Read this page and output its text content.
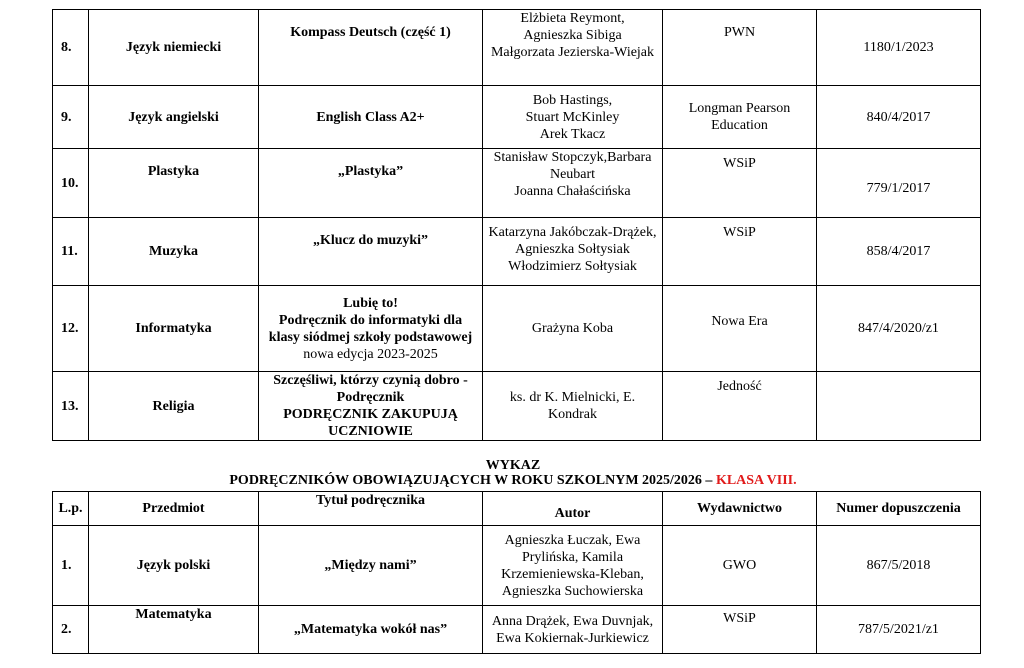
8.	Język niemiecki	Kompass Deutsch (część 1)	Elżbieta Reymont,
Agnieszka Sibiga
Małgorzata Jezierska-Wiejak	PWN	1180/1/2023
9.	Język angielski	English Class A2+	Bob Hastings,
Stuart McKinley
Arek Tkacz	Longman Pearson Education	840/4/2017
10.	Plastyka	„Plastyka”	Stanisław Stopczyk,Barbara Neubart
Joanna Chałaścińska	WSiP	779/1/2017
11.	Muzyka	„Klucz do muzyki”	Katarzyna Jakóbczak-Drążek, Agnieszka Sołtysiak
Włodzimierz Sołtysiak	WSiP	858/4/2017
12.	Informatyka	Lubię to!
Podręcznik do informatyki dla klasy siódmej szkoły podstawowej nowa edycja 2023-2025	Grażyna Koba	Nowa Era	847/4/2020/z1
13.	Religia	Szczęśliwi, którzy czynią dobro - Podręcznik
PODRĘCZNIK ZAKUPUJĄ UCZNIOWIE	ks. dr K. Mielnicki, E. Kondrak	Jedność	
WYKAZ
PODRĘCZNIKÓW OBOWIĄZUJĄCYCH W ROKU SZKOLNYM 2025/2026 – KLASA VIII.
L.p.	Przedmiot	Tytuł podręcznika	Autor	Wydawnictwo	Numer dopuszczenia
1.	Język polski	„Między nami”	Agnieszka Łuczak, Ewa Prylińska, Kamila Krzemieniewska-Kleban, Agnieszka Suchowierska	GWO	867/5/2018
2.	Matematyka	„Matematyka wokół nas”	Anna Drążek, Ewa Duvnjak, Ewa Kokiernak-Jurkiewicz	WSiP	787/5/2021/z1
